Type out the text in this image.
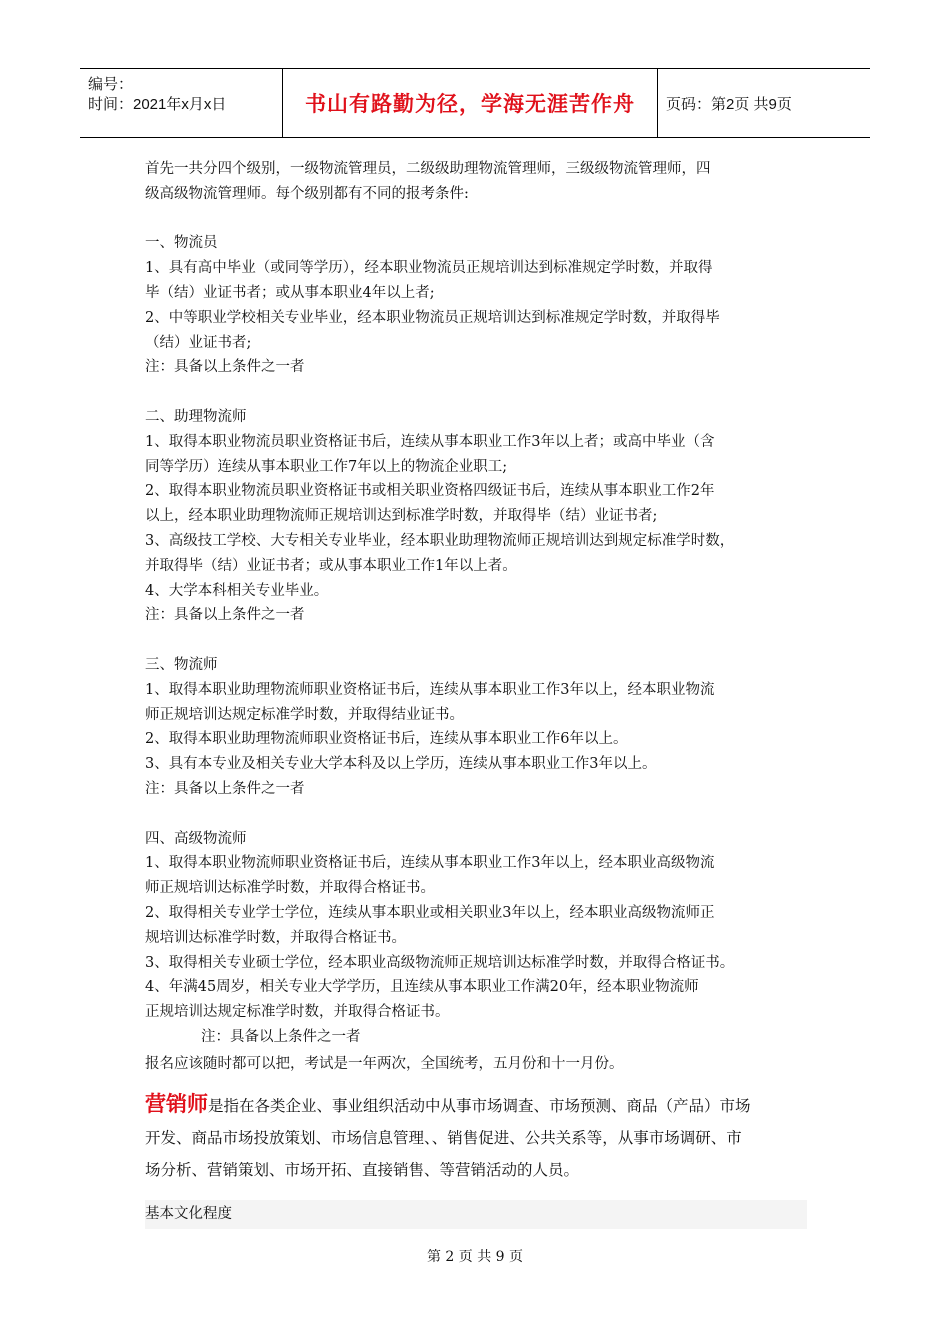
编号：
时间：2021年x月x日	书山有路勤为径，学海无涯苦作舟	页码：第2页 共9页
首先一共分四个级别，一级物流管理员，二级级助理物流管理师，三级级物流管理师，四
级高级物流管理师。每个级别都有不同的报考条件:
一、物流员
1、具有高中毕业（或同等学历），经本职业物流员正规培训达到标准规定学时数，并取得
毕（结）业证书者；或从事本职业4年以上者;
2、中等职业学校相关专业毕业，经本职业物流员正规培训达到标准规定学时数，并取得毕
（结）业证书者;
注：具备以上条件之一者
二、助理物流师
1、取得本职业物流员职业资格证书后，连续从事本职业工作3年以上者；或高中毕业（含
同等学历）连续从事本职业工作7年以上的物流企业职工;
2、取得本职业物流员职业资格证书或相关职业资格四级证书后，连续从事本职业工作2年
以上，经本职业助理物流师正规培训达到标准学时数，并取得毕（结）业证书者;
3、高级技工学校、大专相关专业毕业，经本职业助理物流师正规培训达到规定标准学时数，
并取得毕（结）业证书者；或从事本职业工作1年以上者。
4、大学本科相关专业毕业。
注：具备以上条件之一者
三、物流师
1、取得本职业助理物流师职业资格证书后，连续从事本职业工作3年以上，经本职业物流
师正规培训达规定标准学时数，并取得结业证书。
2、取得本职业助理物流师职业资格证书后，连续从事本职业工作6年以上。
3、具有本专业及相关专业大学本科及以上学历，连续从事本职业工作3年以上。
注：具备以上条件之一者
四、高级物流师
1、取得本职业物流师职业资格证书后，连续从事本职业工作3年以上，经本职业高级物流
师正规培训达标准学时数，并取得合格证书。
2、取得相关专业学士学位，连续从事本职业或相关职业3年以上，经本职业高级物流师正
规培训达标准学时数，并取得合格证书。
3、取得相关专业硕士学位，经本职业高级物流师正规培训达标准学时数，并取得合格证书。
4、年满45周岁，相关专业大学学历，且连续从事本职业工作满20年，经本职业物流师
正规培训达规定标准学时数，并取得合格证书。
注：具备以上条件之一者
报名应该随时都可以把，考试是一年两次，全国统考，五月份和十一月份。
营销师是指在各类企业、事业组织活动中从事市场调查、市场预测、商品（产品）市场
开发、商品市场投放策划、市场信息管理、、销售促进、公共关系等，从事市场调研、市
场分析、营销策划、市场开拓、直接销售、等营销活动的人员。
基本文化程度
第 2 页 共 9 页
